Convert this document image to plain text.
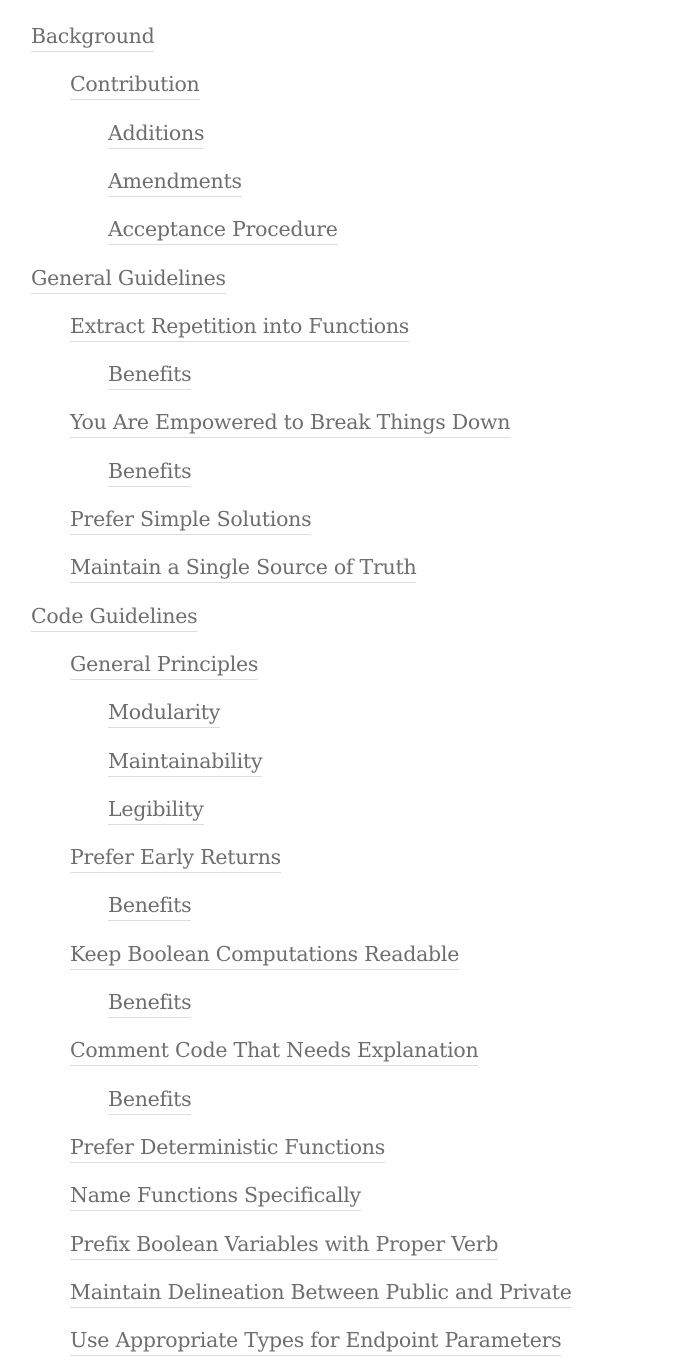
Background
Contribution
Additions
Amendments
Acceptance Procedure
General Guidelines
Extract Repetition into Functions
Benefits
You Are Empowered to Break Things Down
Benefits
Prefer Simple Solutions
Maintain a Single Source of Truth
Code Guidelines
General Principles
Modularity
Maintainability
Legibility
Prefer Early Returns
Benefits
Keep Boolean Computations Readable
Benefits
Comment Code That Needs Explanation
Benefits
Prefer Deterministic Functions
Name Functions Specifically
Prefix Boolean Variables with Proper Verb
Maintain Delineation Between Public and Private
Use Appropriate Types for Endpoint Parameters
